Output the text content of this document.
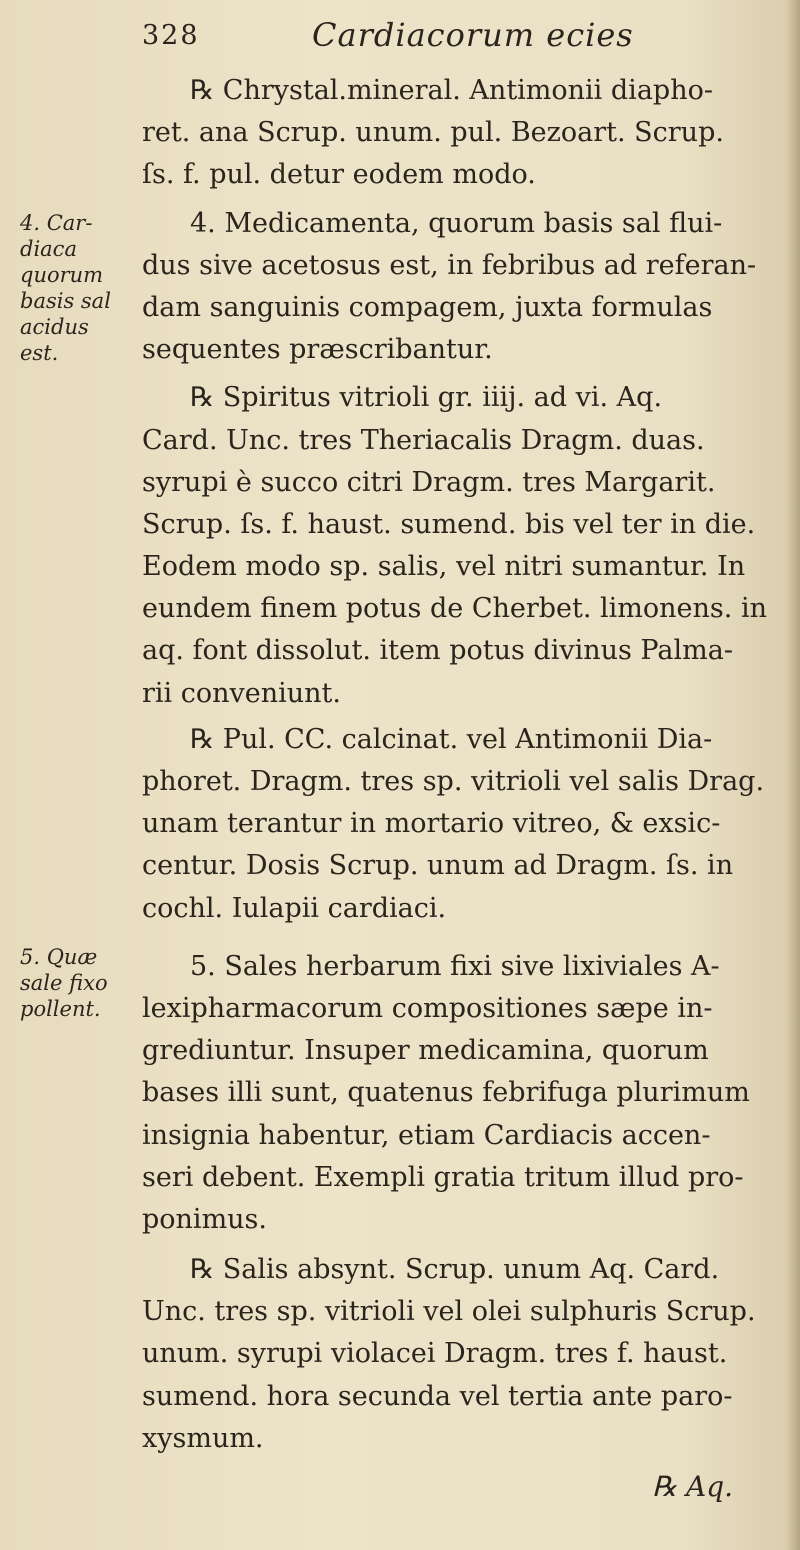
328	Cardiacorum ecies
4. Car-
diaca
quorum
basis sal
acidus
est.
5. Quæ
sale fixo
pollent.

℞ Chrystal.mineral. Antimonii diapho-
ret. ana Scrup. unum. pul. Bezoart. Scrup.
ſs. f. pul. detur eodem modo.

4. Medicamenta, quorum basis sal flui-
dus sive acetosus est, in febribus ad referan-
dam sanguinis compagem, juxta formulas
sequentes præscribantur.

℞ Spiritus vitrioli gr. iiij. ad vi. Aq.
Card. Unc. tres Theriacalis Dragm. duas.
syrupi è succo citri Dragm. tres Margarit.
Scrup. ſs. f. haust. sumend. bis vel ter in die.
Eodem modo sp. salis, vel nitri sumantur. In
eundem finem potus de Cherbet. limonens. in
aq. font dissolut. item potus divinus Palma-
rii conveniunt.

℞ Pul. CC. calcinat. vel Antimonii Dia-
phoret. Dragm. tres sp. vitrioli vel salis Drag.
unam terantur in mortario vitreo, & exsic-
centur. Dosis Scrup. unum ad Dragm. ſs. in
cochl. Iulapii cardiaci.

5. Sales herbarum fixi sive lixiviales A-
lexipharmacorum compositiones sæpe in-
grediuntur. Insuper medicamina, quorum
bases illi sunt, quatenus febrifuga plurimum
insignia habentur, etiam Cardiacis accen-
seri debent. Exempli gratia tritum illud pro-
ponimus.

℞ Salis absynt. Scrup. unum Aq. Card.
Unc. tres sp. vitrioli vel olei sulphuris Scrup.
unum. syrupi violacei Dragm. tres f. haust.
sumend. hora secunda vel tertia ante paro-
xysmum.

℞ Aq.
